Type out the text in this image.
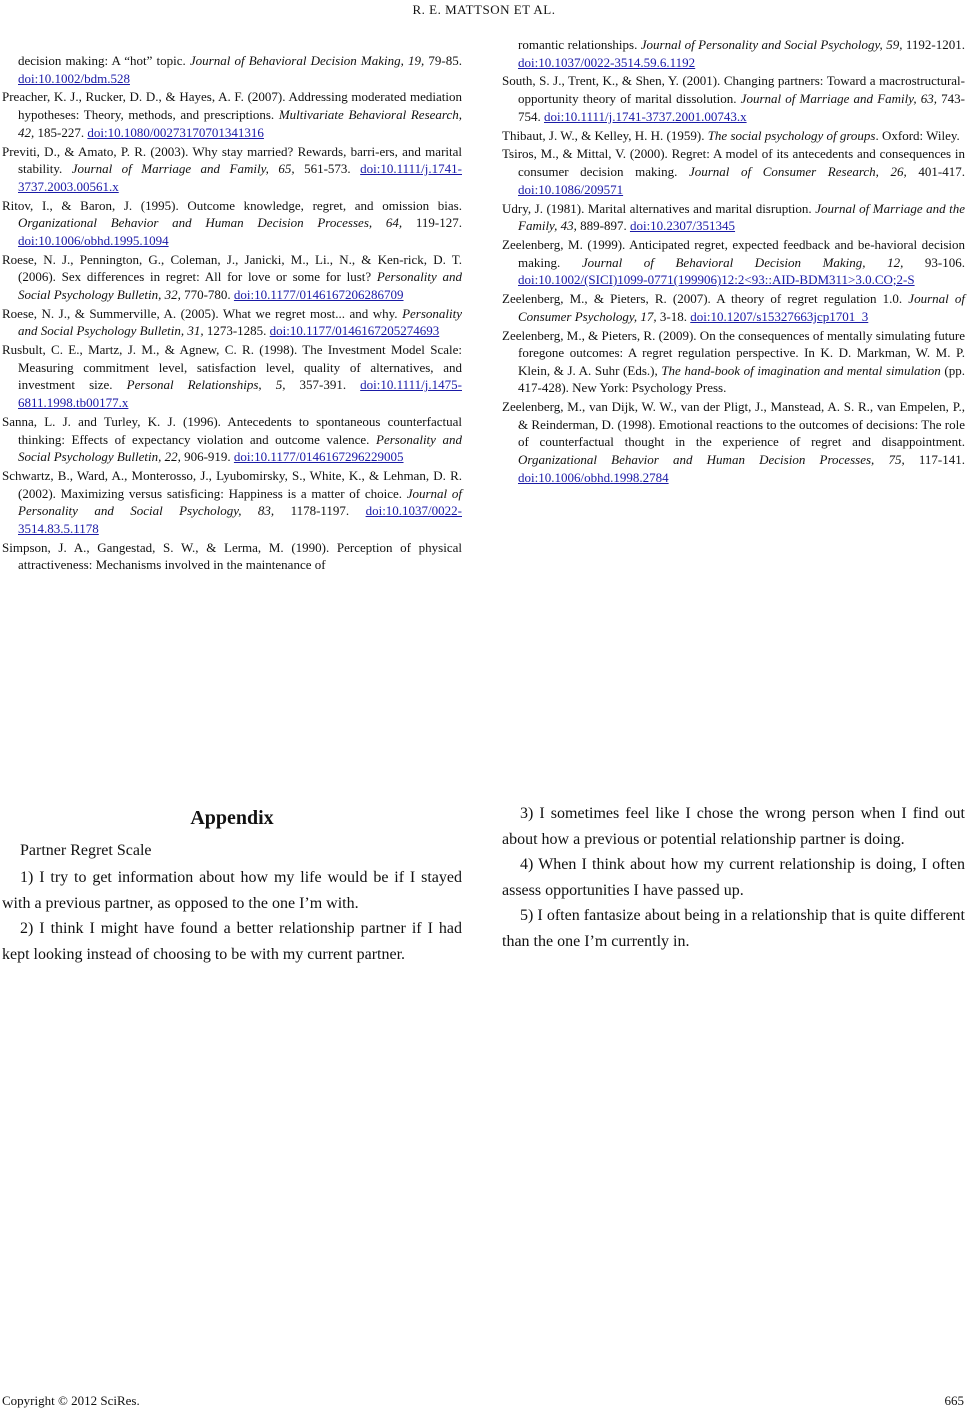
R. E. MATTSON ET AL.

decision making: A “hot” topic. Journal of Behavioral Decision Making, 19, 79-85. doi:10.1002/bdm.528

Preacher, K. J., Rucker, D. D., & Hayes, A. F. (2007). Addressing moderated mediation hypotheses: Theory, methods, and prescriptions. Multivariate Behavioral Research, 42, 185-227. doi:10.1080/00273170701341316

Previti, D., & Amato, P. R. (2003). Why stay married? Rewards, barri-ers, and marital stability. Journal of Marriage and Family, 65, 561-573. doi:10.1111/j.1741-3737.2003.00561.x

Ritov, I., & Baron, J. (1995). Outcome knowledge, regret, and omission bias. Organizational Behavior and Human Decision Processes, 64, 119-127. doi:10.1006/obhd.1995.1094

Roese, N. J., Pennington, G., Coleman, J., Janicki, M., Li., N., & Ken-rick, D. T. (2006). Sex differences in regret: All for love or some for lust? Personality and Social Psychology Bulletin, 32, 770-780. doi:10.1177/0146167206286709

Roese, N. J., & Summerville, A. (2005). What we regret most... and why. Personality and Social Psychology Bulletin, 31, 1273-1285. doi:10.1177/0146167205274693

Rusbult, C. E., Martz, J. M., & Agnew, C. R. (1998). The Investment Model Scale: Measuring commitment level, satisfaction level, quality of alternatives, and investment size. Personal Relationships, 5, 357-391. doi:10.1111/j.1475-6811.1998.tb00177.x

Sanna, L. J. and Turley, K. J. (1996). Antecedents to spontaneous counterfactual thinking: Effects of expectancy violation and outcome valence. Personality and Social Psychology Bulletin, 22, 906-919. doi:10.1177/0146167296229005

Schwartz, B., Ward, A., Monterosso, J., Lyubomirsky, S., White, K., & Lehman, D. R. (2002). Maximizing versus satisficing: Happiness is a matter of choice. Journal of Personality and Social Psychology, 83, 1178-1197. doi:10.1037/0022-3514.83.5.1178

Simpson, J. A., Gangestad, S. W., & Lerma, M. (1990). Perception of physical attractiveness: Mechanisms involved in the maintenance of

romantic relationships. Journal of Personality and Social Psychology, 59, 1192-1201. doi:10.1037/0022-3514.59.6.1192

South, S. J., Trent, K., & Shen, Y. (2001). Changing partners: Toward a macrostructural-opportunity theory of marital dissolution. Journal of Marriage and Family, 63, 743-754. doi:10.1111/j.1741-3737.2001.00743.x

Thibaut, J. W., & Kelley, H. H. (1959). The social psychology of groups. Oxford: Wiley.

Tsiros, M., & Mittal, V. (2000). Regret: A model of its antecedents and consequences in consumer decision making. Journal of Consumer Research, 26, 401-417. doi:10.1086/209571

Udry, J. (1981). Marital alternatives and marital disruption. Journal of Marriage and the Family, 43, 889-897. doi:10.2307/351345

Zeelenberg, M. (1999). Anticipated regret, expected feedback and be-havioral decision making. Journal of Behavioral Decision Making, 12, 93-106. doi:10.1002/(SICI)1099-0771(199906)12:2<93::AID-BDM311>3.0.CO;2-S

Zeelenberg, M., & Pieters, R. (2007). A theory of regret regulation 1.0. Journal of Consumer Psychology, 17, 3-18. doi:10.1207/s15327663jcp1701_3

Zeelenberg, M., & Pieters, R. (2009). On the consequences of mentally simulating future foregone outcomes: A regret regulation perspective. In K. D. Markman, W. M. P. Klein, & J. A. Suhr (Eds.), The hand-book of imagination and mental simulation (pp. 417-428). New York: Psychology Press.

Zeelenberg, M., van Dijk, W. W., van der Pligt, J., Manstead, A. S. R., van Empelen, P., & Reinderman, D. (1998). Emotional reactions to the outcomes of decisions: The role of counterfactual thought in the experience of regret and disappointment. Organizational Behavior and Human Decision Processes, 75, 117-141. doi:10.1006/obhd.1998.2784

Appendix

Partner Regret Scale

1) I try to get information about how my life would be if I stayed with a previous partner, as opposed to the one I’m with.

2) I think I might have found a better relationship partner if I had kept looking instead of choosing to be with my current partner.

3) I sometimes feel like I chose the wrong person when I find out about how a previous or potential relationship partner is doing.

4) When I think about how my current relationship is doing, I often assess opportunities I have passed up.

5) I often fantasize about being in a relationship that is quite different than the one I’m currently in.

Copyright © 2012 SciRes.	665
